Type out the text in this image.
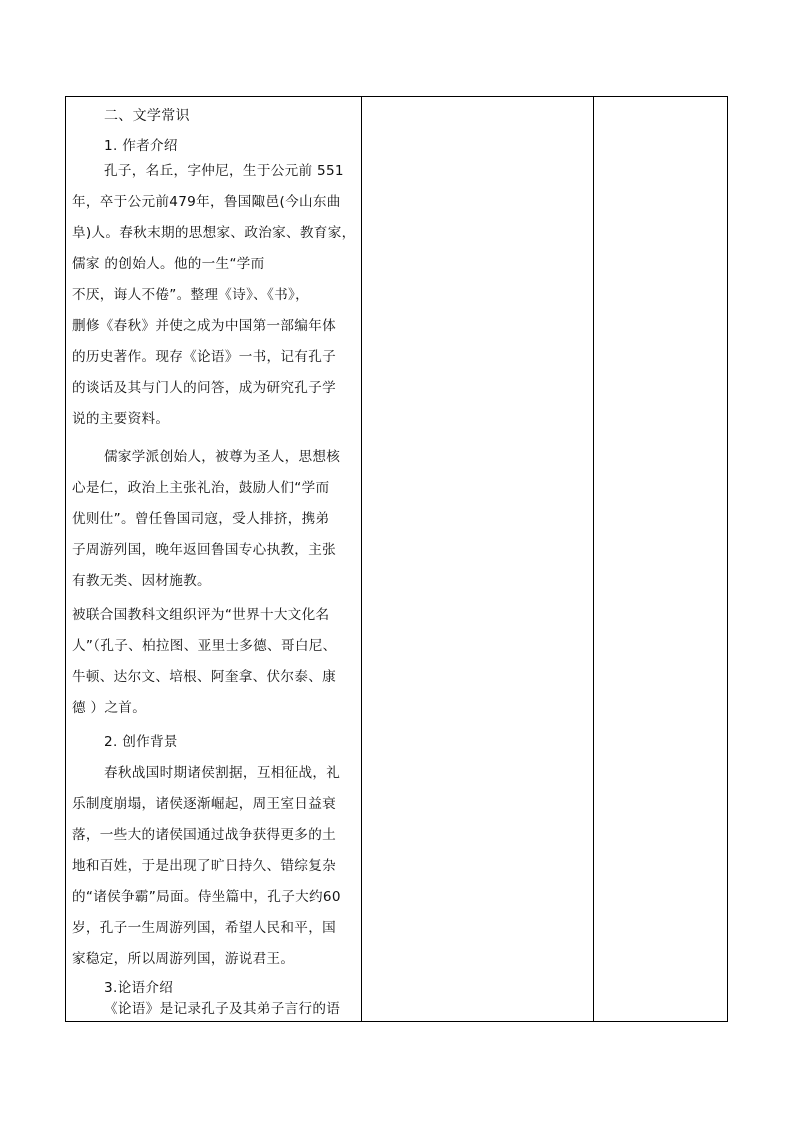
二、文学常识
1. 作者介绍
孔子，名丘，字仲尼，生于公元前 551
年，卒于公元前479年，鲁国陬邑(今山东曲
阜)人。春秋末期的思想家、政治家、教育家，
儒家 的创始人。他的一生“学而
不厌，诲人不倦”。整理《诗》、《书》，
删修《春秋》并使之成为中国第一部编年体
的历史著作。现存《论语》一书，记有孔子
的谈话及其与门人的问答，成为研究孔子学
说的主要资料。
儒家学派创始人，被尊为圣人，思想核
心是仁，政治上主张礼治，鼓励人们“学而
优则仕”。曾任鲁国司寇，受人排挤，携弟
子周游列国，晚年返回鲁国专心执教，主张
有教无类、因材施教。
被联合国教科文组织评为“世界十大文化名
人”（孔子、柏拉图、亚里士多德、哥白尼、
牛顿、达尔文、培根、阿奎拿、伏尔泰、康
德 ）之首。
2. 创作背景
春秋战国时期诸侯割据，互相征战，礼
乐制度崩塌，诸侯逐渐崛起，周王室日益衰
落，一些大的诸侯国通过战争获得更多的土
地和百姓，于是出现了旷日持久、错综复杂
的“诸侯争霸”局面。侍坐篇中，孔子大约60
岁，孔子一生周游列国，希望人民和平，国
家稳定，所以周游列国，游说君王。
3.论语介绍
《论语》是记录孔子及其弟子言行的语
